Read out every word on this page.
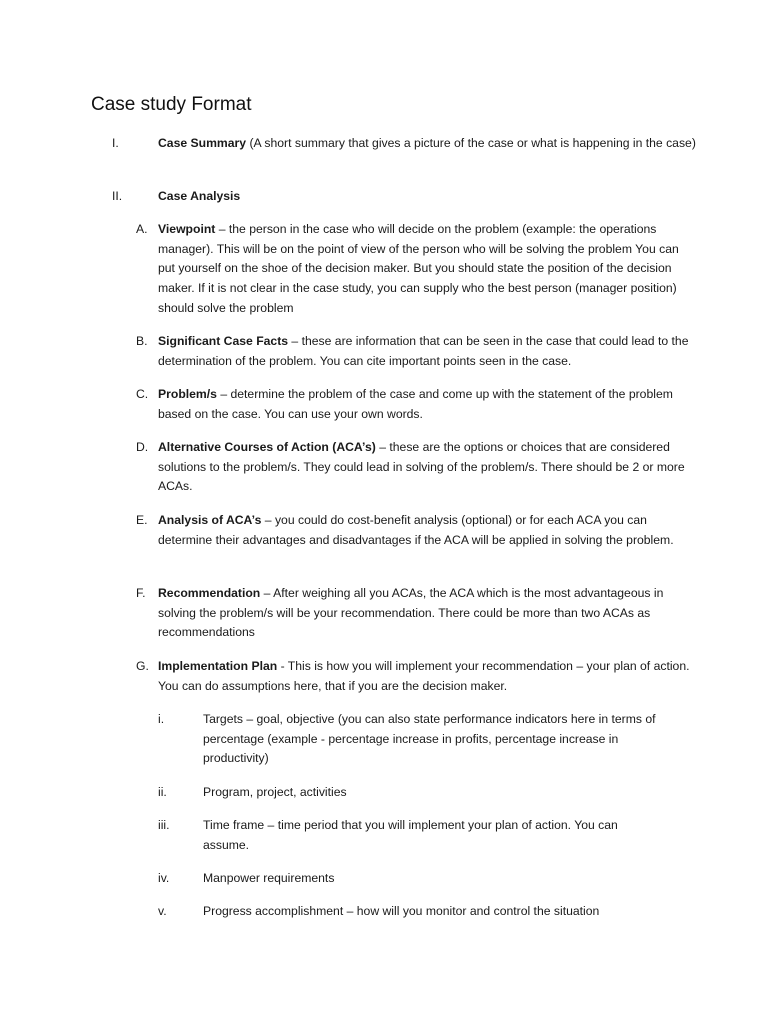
Case study Format
I.	Case Summary (A short summary that gives a picture of the case or what is happening in the case)
II.	Case Analysis
A. Viewpoint – the person in the case who will decide on the problem (example: the operations manager). This will be on the point of view of the person who will be solving the problem You can put yourself on the shoe of the decision maker. But you should state the position of the decision maker. If it is not clear in the case study, you can supply who the best person (manager position) should solve the problem
B. Significant Case Facts – these are information that can be seen in the case that could lead to the determination of the problem. You can cite important points seen in the case.
C. Problem/s – determine the problem of the case and come up with the statement of the problem based on the case. You can use your own words.
D. Alternative Courses of Action (ACA’s) – these are the options or choices that are considered solutions to the problem/s. They could lead in solving of the problem/s. There should be 2 or more ACAs.
E. Analysis of ACA’s – you could do cost-benefit analysis (optional) or for each ACA you can determine their advantages and disadvantages if the ACA will be applied in solving the problem.
F. Recommendation – After weighing all you ACAs, the ACA which is the most advantageous in solving the problem/s will be your recommendation. There could be more than two ACAs as recommendations
G. Implementation Plan - This is how you will implement your recommendation – your plan of action. You can do assumptions here, that if you are the decision maker.
i.	Targets – goal, objective (you can also state performance indicators here in terms of percentage (example - percentage increase in profits, percentage increase in productivity)
ii.	Program, project, activities
iii.	Time frame – time period that you will implement your plan of action. You can assume.
iv.	Manpower requirements
v.	Progress accomplishment – how will you monitor and control the situation
